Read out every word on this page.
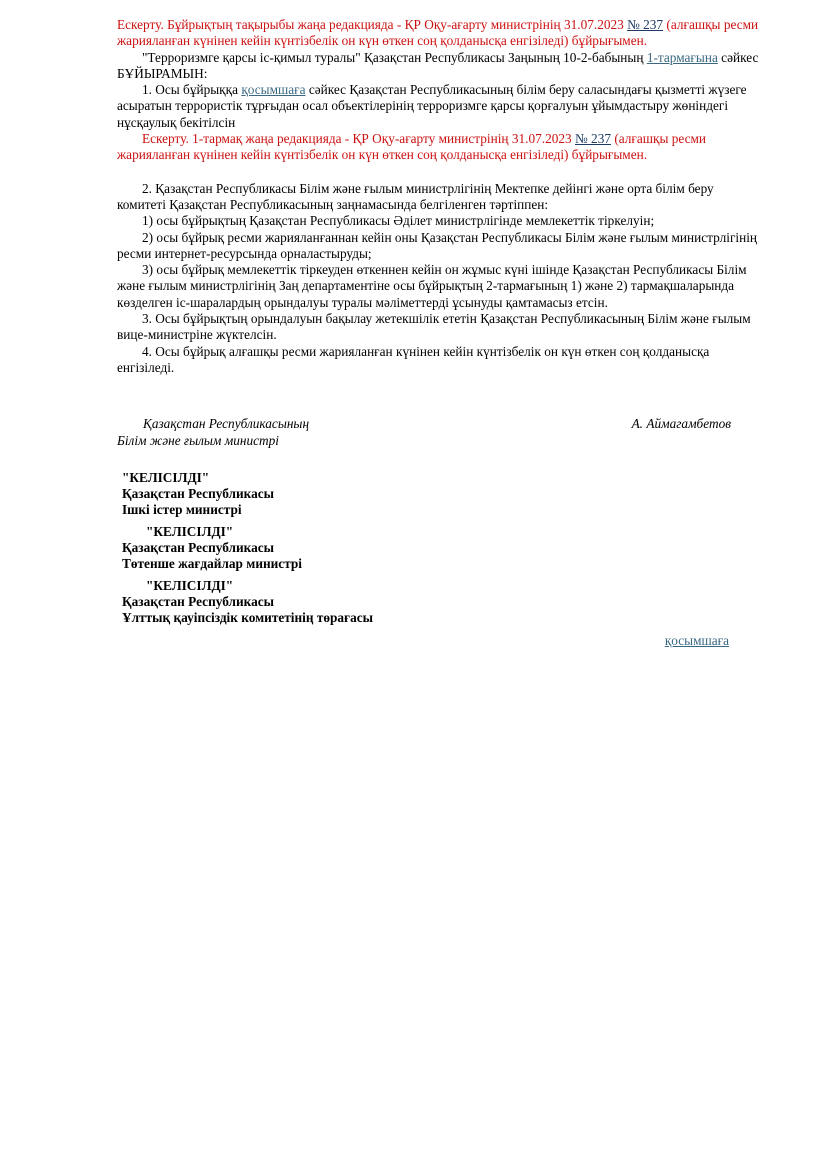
Ескерту. Бұйрықтың тақырыбы жаңа редакцияда - ҚР Оқу-ағарту министрінің 31.07.2023 № 237 (алғашқы ресми жарияланған күнінен кейін күнтізбелік он күн өткен соң қолданысқа енгізіледі) бұйрығымен.

"Терроризмге қарсы іс-қимыл туралы" Қазақстан Республикасы Заңының 10-2-бабының 1-тармағына сәйкес БҰЙЫРАМЫН:

1. Осы бұйрыққа қосымшаға сәйкес Қазақстан Республикасының білім беру саласындағы қызметті жүзеге асыратын террористік тұрғыдан осал объектілерінің терроризмге қарсы қорғалуын ұйымдастыру жөніндегі нұсқаулық бекітілсін

Ескерту. 1-тармақ жаңа редакцияда - ҚР Оқу-ағарту министрінің 31.07.2023 № 237 (алғашқы ресми жарияланған күнінен кейін күнтізбелік он күн өткен соң қолданысқа енгізіледі) бұйрығымен.

2. Қазақстан Республикасы Білім және ғылым министрлігінің Мектепке дейінгі және орта білім беру комитеті Қазақстан Республикасының заңнамасында белгіленген тәртіппен:

1) осы бұйрықтың Қазақстан Республикасы Әділет министрлігінде мемлекеттік тіркелуін;

2) осы бұйрық ресми жарияланғаннан кейін оны Қазақстан Республикасы Білім және ғылым министрлігінің ресми интернет-ресурсында орналастыруды;

3) осы бұйрық мемлекеттік тіркеуден өткеннен кейін он жұмыс күні ішінде Қазақстан Республикасы Білім және ғылым министрлігінің Заң департаментіне осы бұйрықтың 2-тармағының 1) және 2) тармақшаларында көзделген іс-шаралардың орындалуы туралы мәліметтерді ұсынуды қамтамасыз етсін.

3. Осы бұйрықтың орындалуын бақылау жетекшілік ететін Қазақстан Республикасының Білім және ғылым вице-министріне жүктелсін.

4. Осы бұйрық алғашқы ресми жарияланған күнінен кейін күнтізбелік он күн өткен соң қолданысқа енгізіледі.

Қазақстан Республикасының

Білім және ғылым министрі

А. Аймагамбетов

"КЕЛІСІЛДІ"

Қазақстан Республикасы

Ішкі істер министрі

"КЕЛІСІЛДІ"

Қазақстан Республикасы

Төтенше жағдайлар министрі

"КЕЛІСІЛДІ"

Қазақстан Республикасы

Ұлттық қауіпсіздік комитетінің төрағасы

қосымшаға
